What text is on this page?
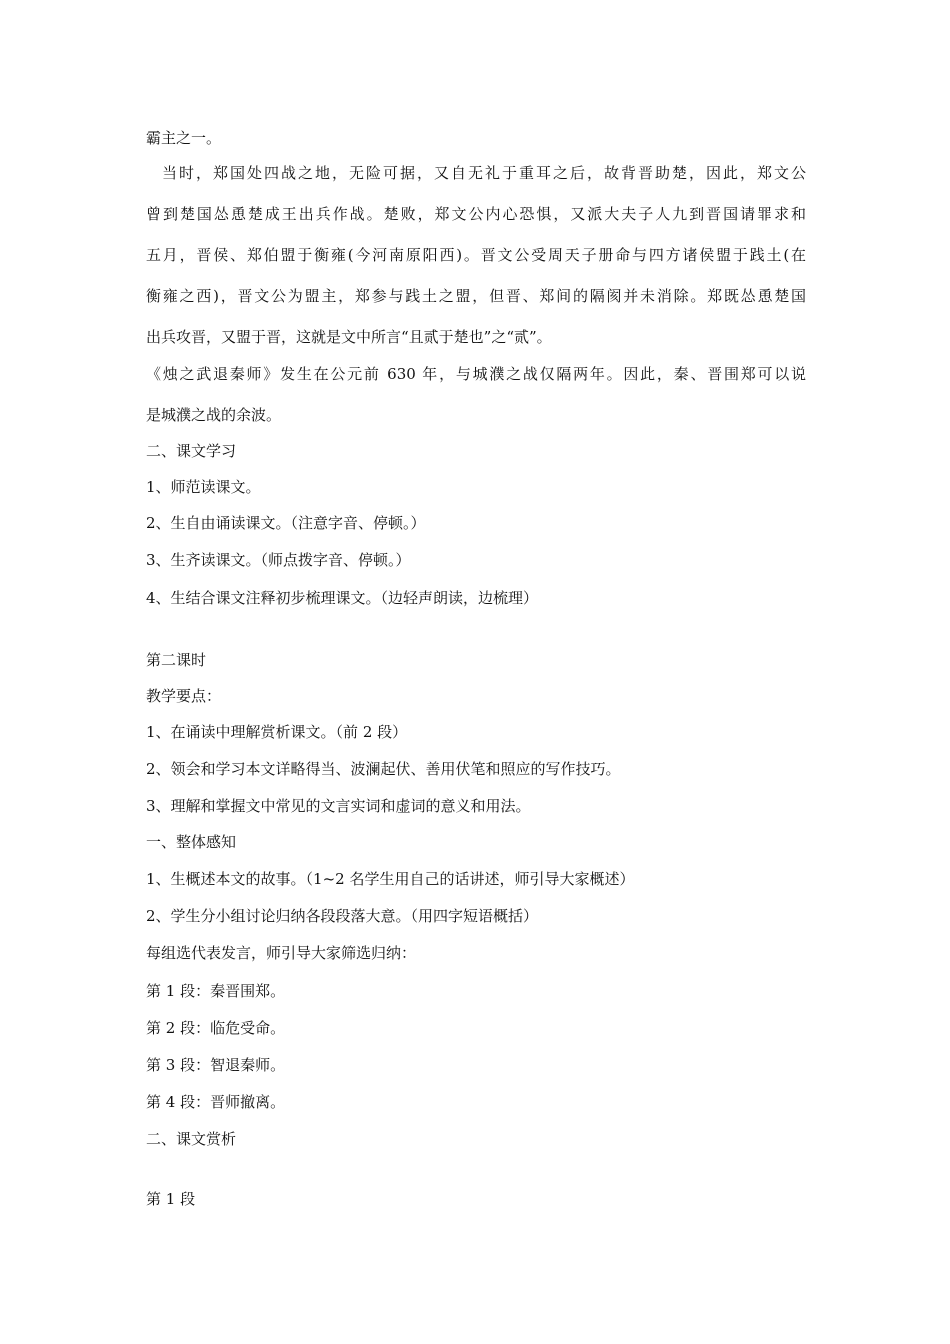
霸主之一。
当时，郑国处四战之地，无险可据，又自无礼于重耳之后，故背晋助楚，因此，郑文公
曾到楚国怂恿楚成王出兵作战。楚败，郑文公内心恐惧，又派大夫子人九到晋国请罪求和
五月，晋侯、郑伯盟于衡雍(今河南原阳西)。晋文公受周天子册命与四方诸侯盟于践土(在
衡雍之西)，晋文公为盟主，郑参与践土之盟，但晋、郑间的隔阂并未消除。郑既怂恿楚国
出兵攻晋，又盟于晋，这就是文中所言“且贰于楚也”之“贰”。
《烛之武退秦师》发生在公元前 630 年，与城濮之战仅隔两年。因此，秦、晋围郑可以说
是城濮之战的余波。
二、课文学习
1、师范读课文。
2、生自由诵读课文。（注意字音、停顿。）
3、生齐读课文。（师点拨字音、停顿。）
4、生结合课文注释初步梳理课文。（边轻声朗读，边梳理）
第二课时
教学要点：
1、在诵读中理解赏析课文。（前 2 段）
2、领会和学习本文详略得当、波澜起伏、善用伏笔和照应的写作技巧。
3、理解和掌握文中常见的文言实词和虚词的意义和用法。
一、整体感知
1、生概述本文的故事。（1~2 名学生用自己的话讲述，师引导大家概述）
2、学生分小组讨论归纳各段段落大意。（用四字短语概括）
每组选代表发言，师引导大家筛选归纳：
第 1 段：秦晋围郑。
第 2 段：临危受命。
第 3 段：智退秦师。
第 4 段：晋师撤离。
二、课文赏析
第 1 段
